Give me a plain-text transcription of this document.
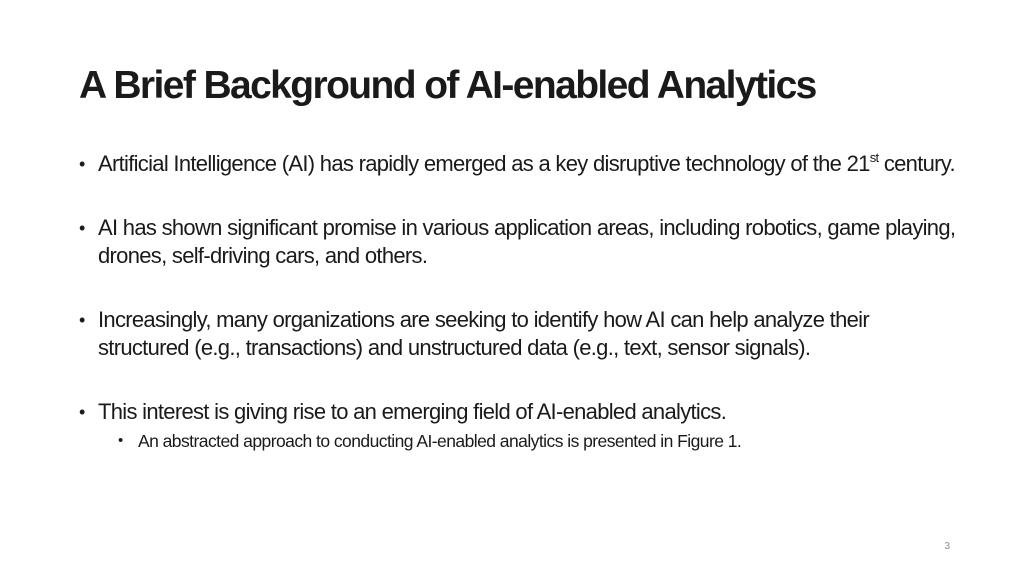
A Brief Background of AI-enabled Analytics
• Artificial Intelligence (AI) has rapidly emerged as a key disruptive technology of the 21st century.
• AI has shown significant promise in various application areas, including robotics, game playing, drones, self-driving cars, and others.
• Increasingly, many organizations are seeking to identify how AI can help analyze their structured (e.g., transactions) and unstructured data (e.g., text, sensor signals).
• This interest is giving rise to an emerging field of AI-enabled analytics.
• An abstracted approach to conducting AI-enabled analytics is presented in Figure 1.
3
